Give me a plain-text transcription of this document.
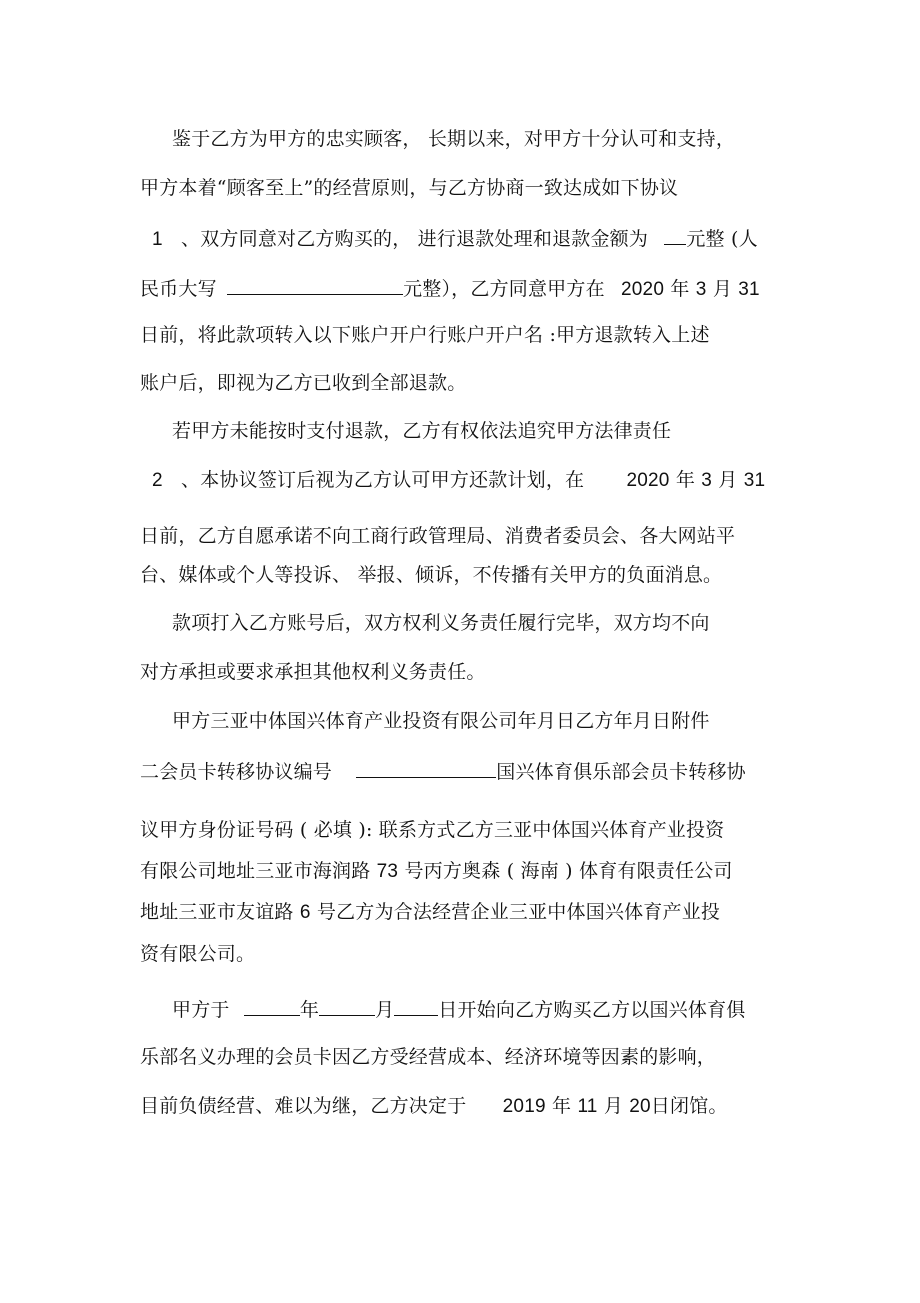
鉴于乙方为甲方的忠实顾客， 长期以来，对甲方十分认可和支持，
甲方本着“顾客至上”的经营原则，与乙方协商一致达成如下协议
1 、双方同意对乙方购买的， 进行退款处理和退款金额为 元整 (人
民币大写	元整），乙方同意甲方在 2020 年 3 月 31
日前，将此款项转入以下账户开户行账户开户名 :甲方退款转入上述
账户后，即视为乙方已收到全部退款。
若甲方未能按时支付退款，乙方有权依法追究甲方法律责任
2 、本协议签订后视为乙方认可甲方还款计划，在 2020 年 3 月 31
日前，乙方自愿承诺不向工商行政管理局、消费者委员会、各大网站平
台、媒体或个人等投诉、 举报、倾诉，不传播有关甲方的负面消息。
款项打入乙方账号后，双方权利义务责任履行完毕，双方均不向
对方承担或要求承担其他权利义务责任。
甲方三亚中体国兴体育产业投资有限公司年月日乙方年月日附件
二会员卡转移协议编号	国兴体育俱乐部会员卡转移协
议甲方身份证号码 ( 必填 ): 联系方式乙方三亚中体国兴体育产业投资
有限公司地址三亚市海润路 73 号丙方奥森 ( 海南 ) 体育有限责任公司
地址三亚市友谊路 6 号乙方为合法经营企业三亚中体国兴体育产业投
资有限公司。
甲方于	年	月 日开始向乙方购买乙方以国兴体育俱
乐部名义办理的会员卡因乙方受经营成本、经济环境等因素的影响，
目前负债经营、难以为继，乙方决定于 2019 年 11 月 20日闭馆。
